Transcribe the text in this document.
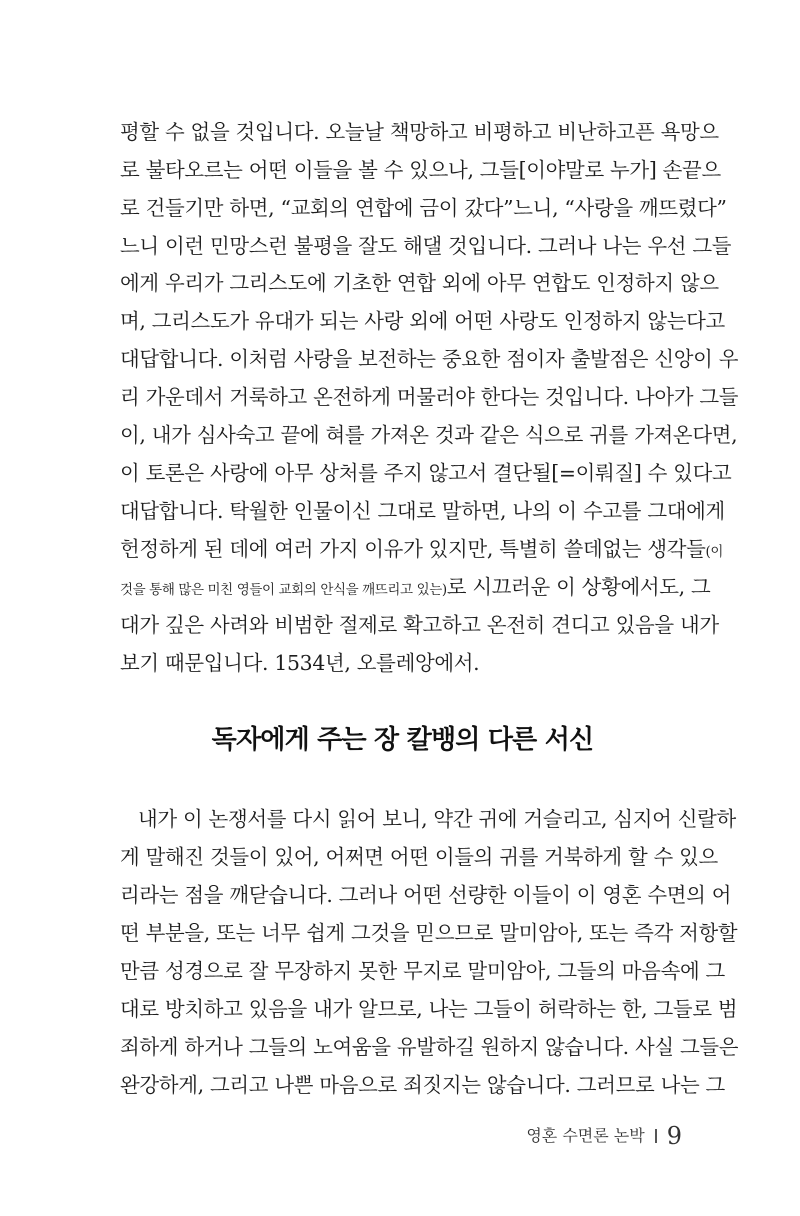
평할 수 없을 것입니다. 오늘날 책망하고 비평하고 비난하고픈 욕망으
로 불타오르는 어떤 이들을 볼 수 있으나, 그들[이야말로 누가] 손끝으
로 건들기만 하면, “교회의 연합에 금이 갔다”느니, “사랑을 깨뜨렸다”
느니 이런 민망스런 불평을 잘도 해댈 것입니다. 그러나 나는 우선 그들
에게 우리가 그리스도에 기초한 연합 외에 아무 연합도 인정하지 않으
며, 그리스도가 유대가 되는 사랑 외에 어떤 사랑도 인정하지 않는다고
대답합니다. 이처럼 사랑을 보전하는 중요한 점이자 출발점은 신앙이 우
리 가운데서 거룩하고 온전하게 머물러야 한다는 것입니다. 나아가 그들
이, 내가 심사숙고 끝에 혀를 가져온 것과 같은 식으로 귀를 가져온다면,
이 토론은 사랑에 아무 상처를 주지 않고서 결단될[=이뤄질] 수 있다고
대답합니다. 탁월한 인물이신 그대로 말하면, 나의 이 수고를 그대에게
헌정하게 된 데에 여러 가지 이유가 있지만, 특별히 쓸데없는 생각들(이
것을 통해 많은 미친 영들이 교회의 안식을 깨뜨리고 있는)로 시끄러운 이 상황에서도, 그
대가 깊은 사려와 비범한 절제로 확고하고 온전히 견디고 있음을 내가
보기 때문입니다. 1534년, 오를레앙에서.
독자에게 주는 장 칼뱅의 다른 서신
내가 이 논쟁서를 다시 읽어 보니, 약간 귀에 거슬리고, 심지어 신랄하
게 말해진 것들이 있어, 어쩌면 어떤 이들의 귀를 거북하게 할 수 있으
리라는 점을 깨닫습니다. 그러나 어떤 선량한 이들이 이 영혼 수면의 어
떤 부분을, 또는 너무 쉽게 그것을 믿으므로 말미암아, 또는 즉각 저항할
만큼 성경으로 잘 무장하지 못한 무지로 말미암아, 그들의 마음속에 그
대로 방치하고 있음을 내가 알므로, 나는 그들이 허락하는 한, 그들로 범
죄하게 하거나 그들의 노여움을 유발하길 원하지 않습니다. 사실 그들은
완강하게, 그리고 나쁜 마음으로 죄짓지는 않습니다. 그러므로 나는 그
영혼 수면론 논박 9
